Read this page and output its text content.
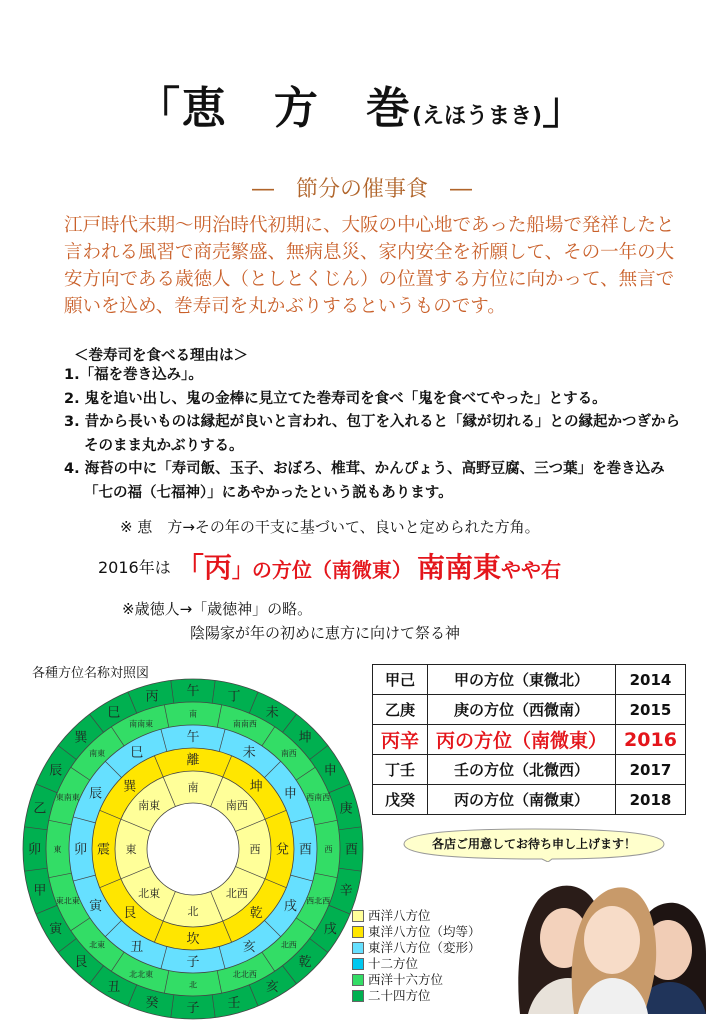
「恵　方　巻(えほうまき)」
―　節分の催事食　―
江戸時代末期～明治時代初期に、大阪の中心地であった船場で発祥したと言われる風習で商売繁盛、無病息災、家内安全を祈願して、その一年の大安方向である歳徳人（としとくじん）の位置する方位に向かって、無言で願いを込め、巻寿司を丸かぶりするというものです。
＜巻寿司を食べる理由は＞
1.「福を巻き込み」。
2. 鬼を追い出し、鬼の金棒に見立てた巻寿司を食べ「鬼を食べてやった」とする。
3. 昔から長いものは縁起が良いと言われ、包丁を入れると「縁が切れる」との縁起かつぎからそのまま丸かぶりする。
4. 海苔の中に「寿司飯、玉子、おぼろ、椎茸、かんぴょう、高野豆腐、三つ葉」を巻き込み「七の福（七福神）」にあやかったという説もあります。
※ 恵　方→その年の干支に基づいて、良いと定められた方角。
2016年は 「丙」の方位（南微東） 南南東やや右
※歳徳人→「歳徳神」の略。
陰陽家が年の初めに恵方に向けて祭る神
各種方位名称対照図
北
北東
東
南東
南
南西
西
北西
坎
艮
震
巽
離
坤
兌
乾
子
丑
寅
卯
辰
巳
午
未
申
酉
戌
亥
北
北北東
北東
東北東
東
東南東
南東
南南東
南
南南西
南西
西南西
西
西北西
北西
北北西
子
癸
丑
艮
寅
甲
卯
乙
辰
巽
巳
丙 午 丁
未
坤
申
庚
酉
辛
戌
乾
亥
壬
甲己	甲の方位（東微北）	2014
乙庚	庚の方位（西微南）	2015
丙辛	丙の方位（南微東）	2016
丁壬	壬の方位（北微西）	2017
戊癸	丙の方位（南微東）	2018
各店ご用意してお待ち申し上げます！
西洋八方位
東洋八方位（均等）
東洋八方位（変形）
十二方位
西洋十六方位
二十四方位
